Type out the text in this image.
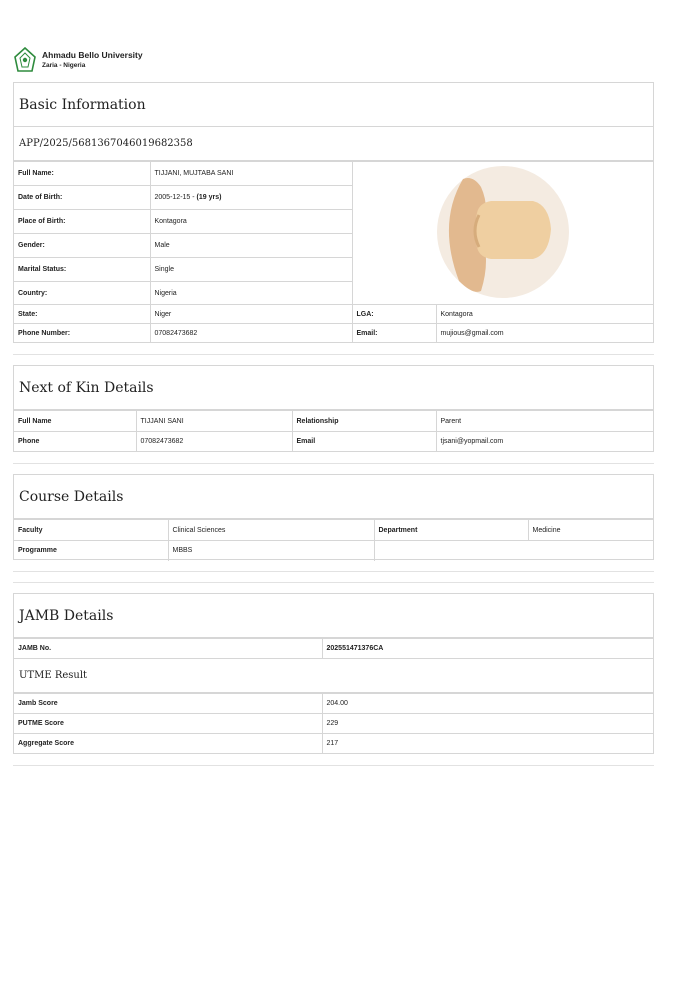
Ahmadu Bello University
Zaria - Nigeria
Basic Information
APP/2025/5681367046019682358
Full Name:	TIJJANI, MUJTABA SANI	
Date of Birth:	2005-12-15 - (19 yrs)		
Place of Birth:	Kontagora		
Gender:	Male		
Marital Status:	Single		
Country:	Nigeria		
State:	Niger	LGA:	Kontagora
Phone Number:	07082473682	Email:	mujious@gmail.com
Next of Kin Details
Full Name	TIJJANI SANI	Relationship	Parent
Phone	07082473682	Email	tjsani@yopmail.com
Course Details
Faculty	Clinical Sciences	Department	Medicine
Programme	MBBS		
JAMB Details
JAMB No.	202551471376CA
UTME Result
Jamb Score	204.00
PUTME Score	229
Aggregate Score	217
